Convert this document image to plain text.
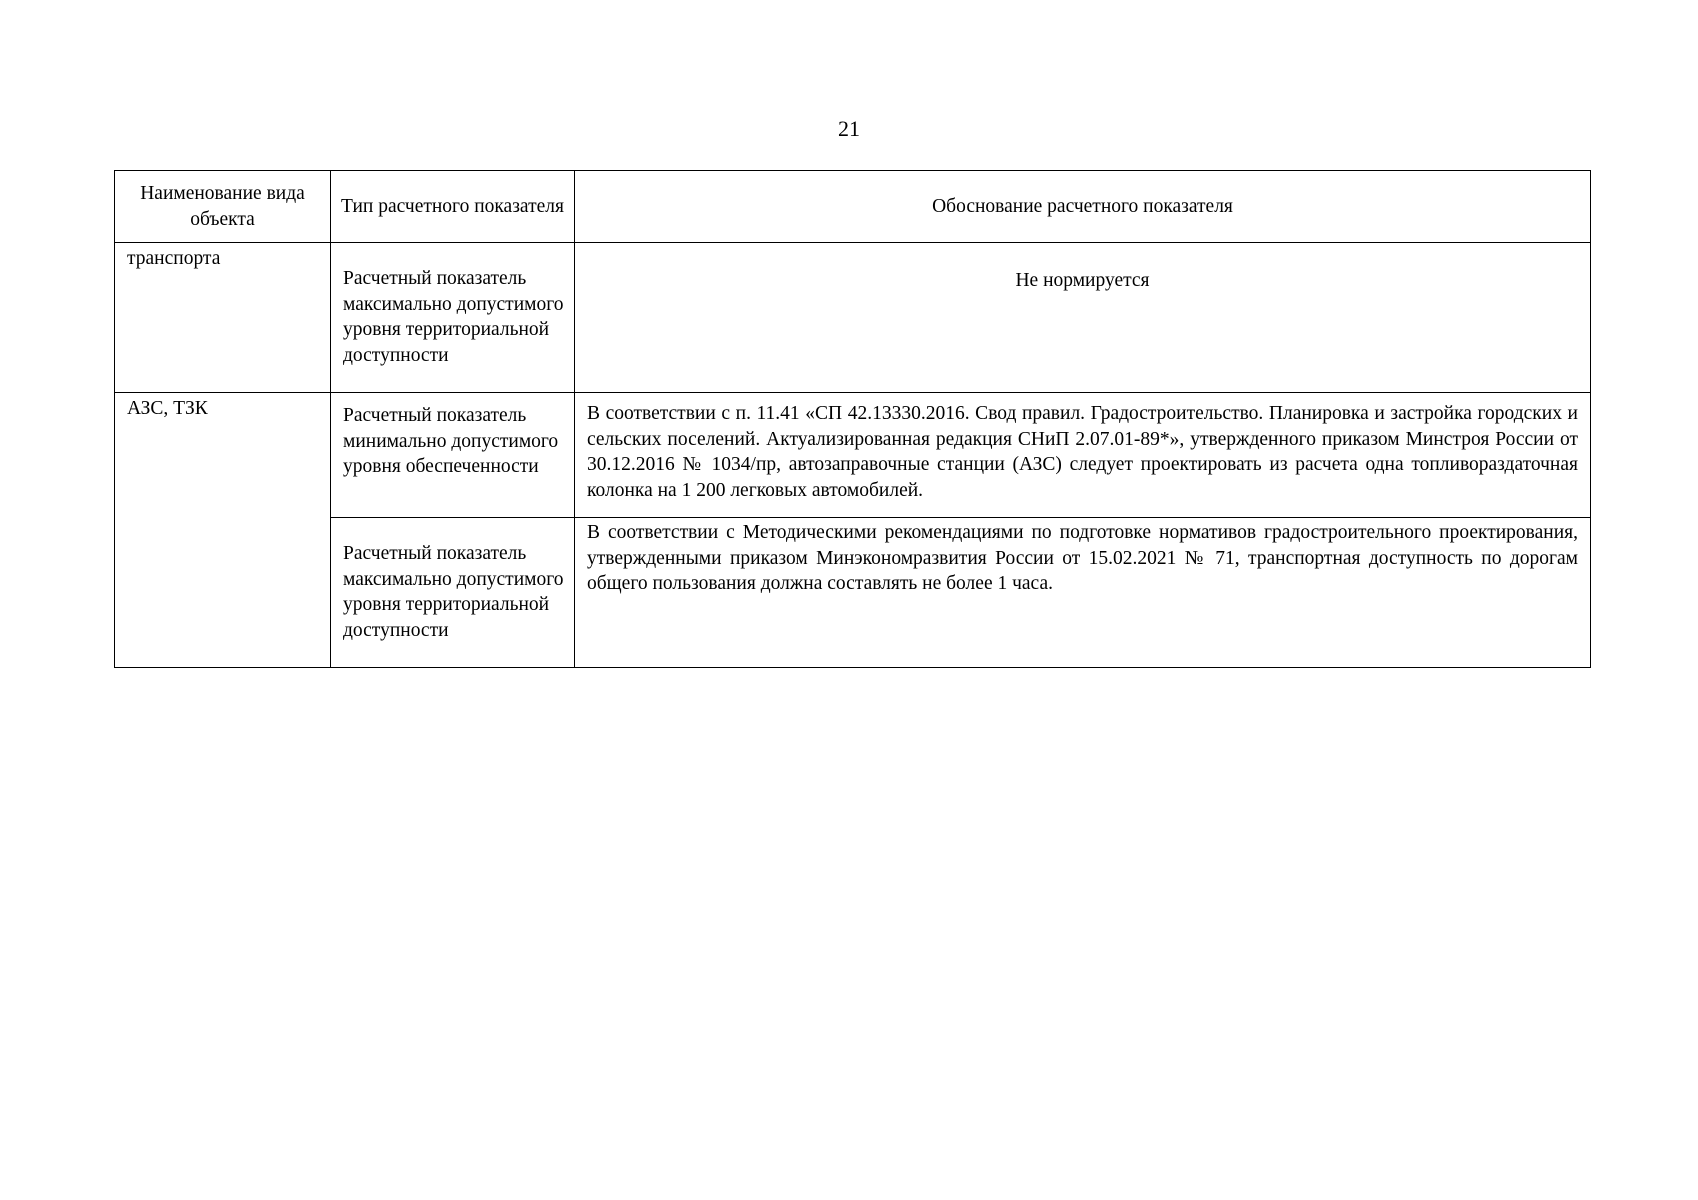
21
Наименование вида объекта	Тип расчетного показателя	Обоснование расчетного показателя

транспорта	Расчетный показатель максимально допустимого уровня территориальной доступности	Не нормируется

АЗС, ТЗК	Расчетный показатель минимально допустимого уровня обеспеченности	В соответствии с п. 11.41 «СП 42.13330.2016. Свод правил. Градостроительство. Планировка и застройка городских и сельских поселений. Актуализированная редакция СНиП 2.07.01-89*», утвержденного приказом Минстроя России от 30.12.2016 № 1034/пр, автозаправочные станции (АЗС) следует проектировать из расчета одна топливораздаточная колонка на 1 200 легковых автомобилей.

	Расчетный показатель максимально допустимого уровня территориальной доступности	В соответствии с Методическими рекомендациями по подготовке нормативов градостроительного проектирования, утвержденными приказом Минэкономразвития России от 15.02.2021 № 71, транспортная доступность по дорогам общего пользования должна составлять не более 1 часа.
